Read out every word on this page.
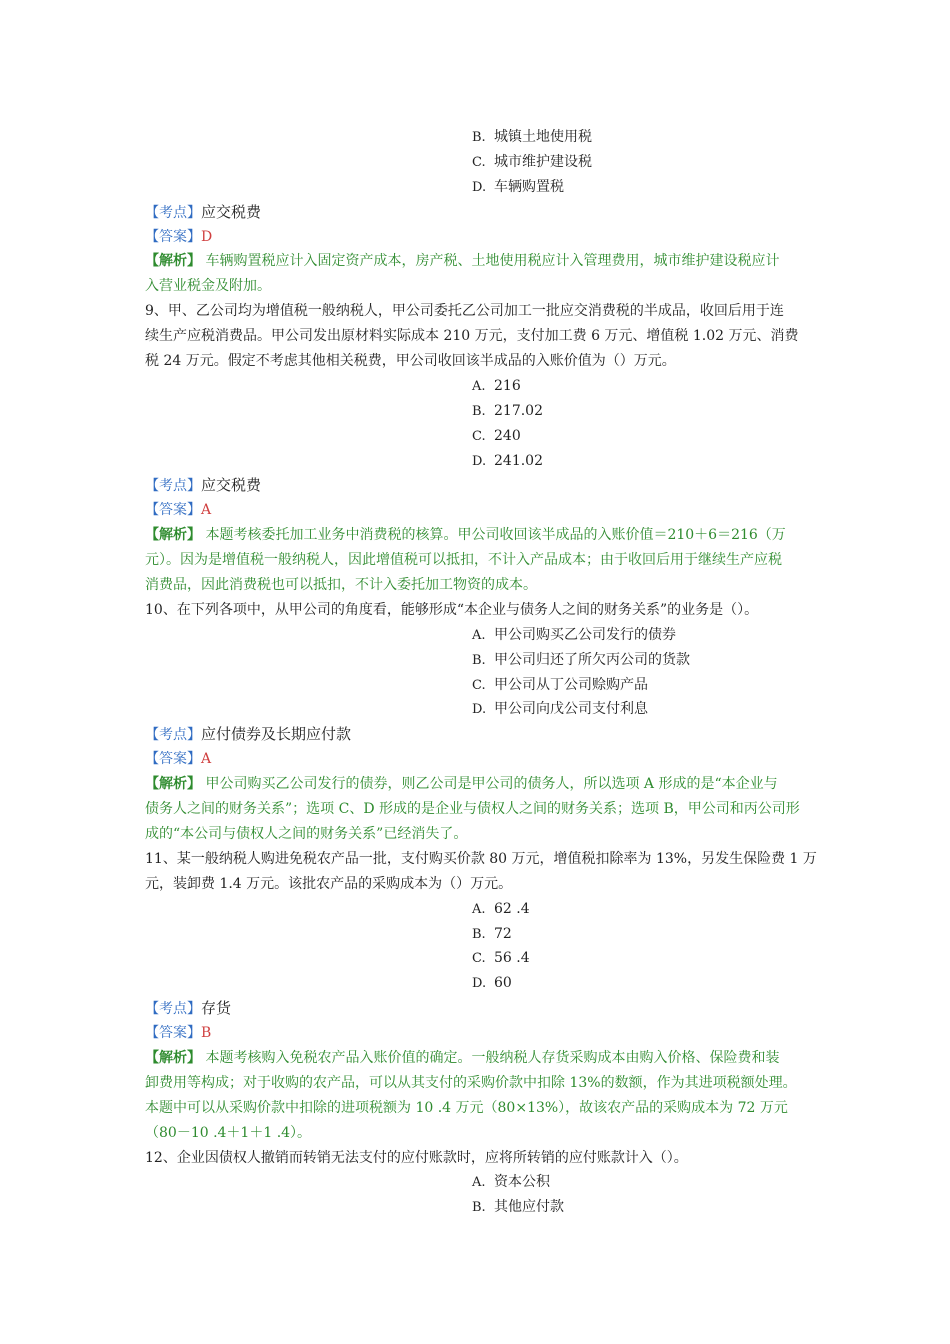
B. 城镇土地使用税
C. 城市维护建设税
D. 车辆购置税
【考点】应交税费
【答案】D
【解析】 车辆购置税应计入固定资产成本，房产税、土地使用税应计入管理费用，城市维护建设税应计
入营业税金及附加。
9、甲、乙公司均为增值税一般纳税人，甲公司委托乙公司加工一批应交消费税的半成品，收回后用于连
续生产应税消费品。甲公司发出原材料实际成本 210 万元，支付加工费 6 万元、增值税 1.02 万元、消费
税 24 万元。假定不考虑其他相关税费，甲公司收回该半成品的入账价值为（）万元。
A. 216
B. 217.02
C. 240
D. 241.02
【考点】应交税费
【答案】A
【解析】 本题考核委托加工业务中消费税的核算。甲公司收回该半成品的入账价值＝210＋6＝216（万
元）。因为是增值税一般纳税人，因此增值税可以抵扣，不计入产品成本；由于收回后用于继续生产应税
消费品，因此消费税也可以抵扣，不计入委托加工物资的成本。
10、在下列各项中，从甲公司的角度看，能够形成“本企业与债务人之间的财务关系”的业务是（）。
A. 甲公司购买乙公司发行的债券
B. 甲公司归还了所欠丙公司的货款
C. 甲公司从丁公司赊购产品
D. 甲公司向戊公司支付利息
【考点】应付债券及长期应付款
【答案】A
【解析】 甲公司购买乙公司发行的债券，则乙公司是甲公司的债务人，所以选项 A 形成的是“本企业与
债务人之间的财务关系”；选项 C、D 形成的是企业与债权人之间的财务关系；选项 B，甲公司和丙公司形
成的“本公司与债权人之间的财务关系”已经消失了。
11、某一般纳税人购进免税农产品一批，支付购买价款 80 万元，增值税扣除率为 13%，另发生保险费 1 万
元，装卸费 1.4 万元。该批农产品的采购成本为（）万元。
A. 62 .4
B. 72
C. 56 .4
D. 60
【考点】存货
【答案】B
【解析】 本题考核购入免税农产品入账价值的确定。一般纳税人存货采购成本由购入价格、保险费和装
卸费用等构成；对于收购的农产品，可以从其支付的采购价款中扣除 13%的数额，作为其进项税额处理。
本题中可以从采购价款中扣除的进项税额为 10 .4 万元（80×13%），故该农产品的采购成本为 72 万元
（80－10 .4＋1＋1 .4）。
12、企业因债权人撤销而转销无法支付的应付账款时，应将所转销的应付账款计入（）。
A. 资本公积
B. 其他应付款
